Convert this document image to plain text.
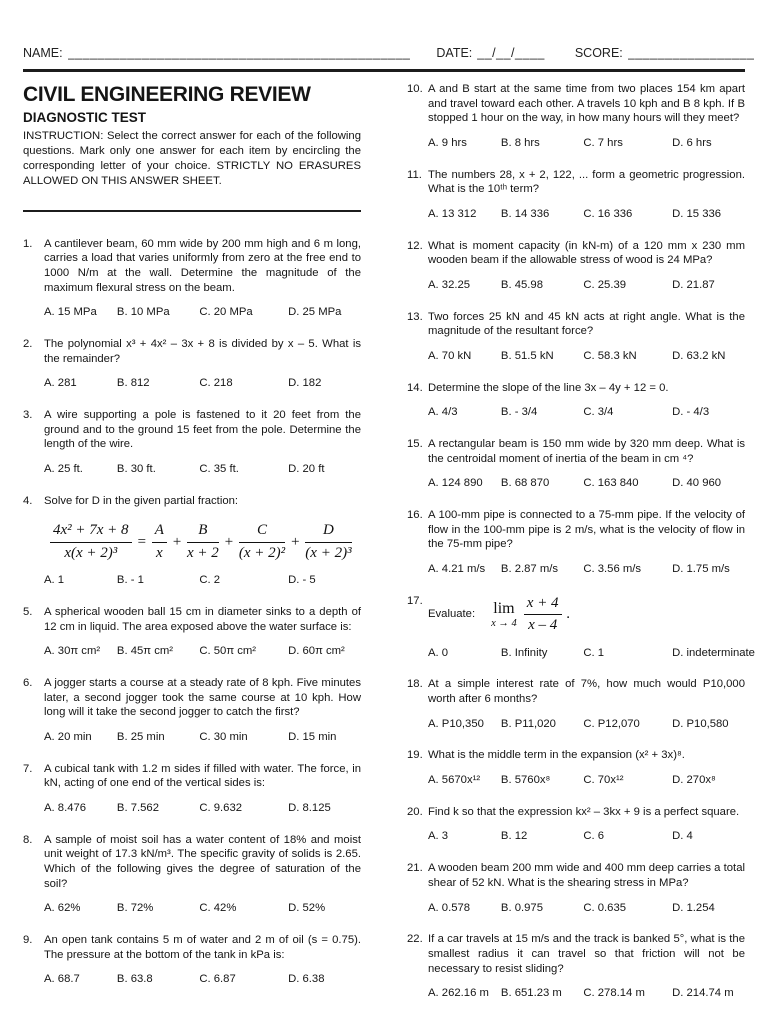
NAME: ______________________________________________ DATE: __/__/____ SCORE: _________________
CIVIL ENGINEERING REVIEW
DIAGNOSTIC TEST
INSTRUCTION: Select the correct answer for each of the following questions. Mark only one answer for each item by encircling the corresponding letter of your choice. STRICTLY NO ERASURES ALLOWED ON THIS ANSWER SHEET.
1.	A cantilever beam, 60 mm wide by 200 mm high and 6 m long, carries a load that varies uniformly from zero at the free end to 1000 N/m at the wall. Determine the magnitude of the maximum flexural stress on the beam.
A. 15 MPa	B. 10 MPa	C. 20 MPa	D. 25 MPa
2.	The polynomial x³ + 4x² – 3x + 8 is divided by x – 5. What is the remainder?
A. 281	B. 812	C. 218	D. 182
3.	A wire supporting a pole is fastened to it 20 feet from the ground and to the ground 15 feet from the pole. Determine the length of the wire.
A. 25 ft.	B. 30 ft.	C. 35 ft.	D. 20 ft
4.	Solve for D in the given partial fraction:
$\frac{\text{4x² + 7x + 8}}{\text{x(x + 2)³}} = \frac{A}{x} + \frac{B}{x + 2} + \frac{C}{\text{(x + 2)²}} + \frac{D}{\text{(x + 2)³}}$
A. 1	B. - 1	C. 2	D. - 5
5.	A spherical wooden ball 15 cm in diameter sinks to a depth of 12 cm in liquid. The area exposed above the water surface is:
A. 30π cm²	B. 45π cm²	C. 50π cm²	D. 60π cm²
6.	A jogger starts a course at a steady rate of 8 kph. Five minutes later, a second jogger took the same course at 10 kph. How long will it take the second jogger to catch the first?
A. 20 min	B. 25 min	C. 30 min	D. 15 min
7.	A cubical tank with 1.2 m sides if filled with water. The force, in kN, acting of one end of the vertical sides is:
A. 8.476	B. 7.562	C. 9.632	D. 8.125
8.	A sample of moist soil has a water content of 18% and moist unit weight of 17.3 kN/m³. The specific gravity of solids is 2.65. Which of the following gives the degree of saturation of the soil?
A. 62%	B. 72%	C. 42%	D. 52%
9.	An open tank contains 5 m of water and 2 m of oil (s = 0.75). The pressure at the bottom of the tank in kPa is:
A. 68.7	B. 63.8	C. 6.87	D. 6.38
10. A and B start at the same time from two places 154 km apart and travel toward each other. A travels 10 kph and B 8 kph. If B stopped 1 hour on the way, in how many hours will they meet?
A. 9 hrs	B. 8 hrs	C. 7 hrs	D. 6 hrs
11. The numbers 28, x + 2, 122, ... form a geometric progression. What is the 10ᵗʰ term?
A. 13 312	B. 14 336	C. 16 336	D. 15 336
12. What is moment capacity (in kN-m) of a 120 mm x 230 mm wooden beam if the allowable stress of wood is 24 MPa?
A. 32.25	B. 45.98	C. 25.39	D. 21.87
13. Two forces 25 kN and 45 kN acts at right angle. What is the magnitude of the resultant force?
A. 70 kN	B. 51.5 kN	C. 58.3 kN	D. 63.2 kN
14. Determine the slope of the line 3x – 4y + 12 = 0.
A. 4/3	B. - 3/4	C. 3/4	D. - 4/3
15. A rectangular beam is 150 mm wide by 320 mm deep. What is the centroidal moment of inertia of the beam in cm ⁴?
A. 124 890	B. 68 870	C. 163 840	D. 40 960
16. A 100-mm pipe is connected to a 75-mm pipe. If the velocity of flow in the 100-mm pipe is 2 m/s, what is the velocity of flow in the 75-mm pipe?
A. 4.21 m/s	B. 2.87 m/s	C. 3.56 m/s	D. 1.75 m/s
17.
Evaluate: lim
$x \to 4 \frac{x + 4}{x - 4}$ .
A. 0	B. Infinity	C. 1	D. indeterminate
18. At a simple interest rate of 7%, how much would P10,000 worth after 6 months?
A. P10,350	B. P11,020	C. P12,070	D. P10,580
19. What is the middle term in the expansion (x² + 3x)⁸.
A. 5670x¹²	B. 5760x⁸	C. 70x¹²	D. 270x⁸
20. Find k so that the expression kx² – 3kx + 9 is a perfect square.
A. 3	B. 12	C. 6	D. 4
21. A wooden beam 200 mm wide and 400 mm deep carries a total shear of 52 kN. What is the shearing stress in MPa?
A. 0.578	B. 0.975	C. 0.635	D. 1.254
22. If a car travels at 15 m/s and the track is banked 5°, what is the smallest radius it can travel so that friction will not be necessary to resist sliding?
A. 262.16 m	B. 651.23 m	C. 278.14 m	D. 214.74 m
